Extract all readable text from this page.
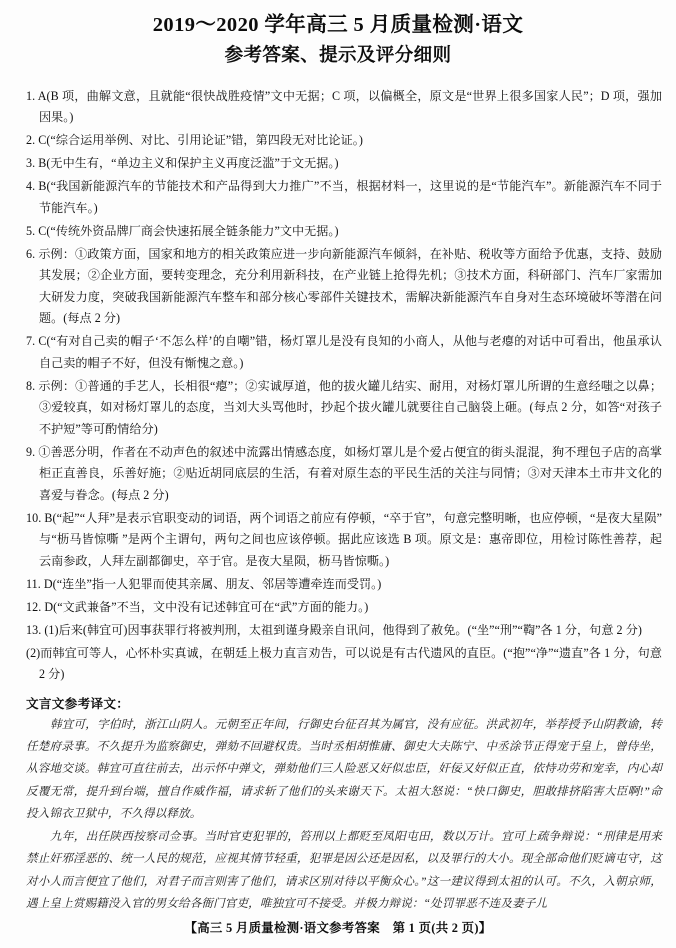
2019～2020 学年高三 5 月质量检测·语文
参考答案、提示及评分细则
1. A(B 项，曲解文意，且就能“很快战胜疫情”文中无据；C 项，以偏概全，原文是“世界上很多国家人民”；D 项，强加因果。)
2. C(“综合运用举例、对比、引用论证”错，第四段无对比论证。)
3. B(无中生有，“单边主义和保护主义再度泛滥”于文无据。)
4. B(“我国新能源汽车的节能技术和产品得到大力推广”不当，根据材料一，这里说的是“节能汽车”。新能源汽车不同于节能汽车。)
5. C(“传统外资品牌厂商会快速拓展全链条能力”文中无据。)
6. 示例：①政策方面，国家和地方的相关政策应进一步向新能源汽车倾斜，在补贴、税收等方面给予优惠，支持、鼓励其发展；②企业方面，要转变理念，充分利用新科技，在产业链上抢得先机；③技术方面，科研部门、汽车厂家需加大研发力度，突破我国新能源汽车整车和部分核心零部件关键技术，需解决新能源汽车自身对生态环境破坏等潜在问题。(每点 2 分)
7. C(“有对自己卖的帽子‘不怎么样’的自嘲”错，杨灯罩儿是没有良知的小商人，从他与老瘪的对话中可看出，他虽承认自己卖的帽子不好，但没有惭愧之意。)
8. 示例：①普通的手艺人，长相很“瘪”；②实诚厚道，他的拔火罐儿结实、耐用，对杨灯罩儿所谓的生意经嗤之以鼻；③爱较真，如对杨灯罩儿的态度，当刘大头骂他时，抄起个拔火罐儿就要往自己脑袋上砸。(每点 2 分，如答“对孩子不护短”等可酌情给分)
9. ①善恶分明，作者在不动声色的叙述中流露出情感态度，如杨灯罩儿是个爱占便宜的街头混混，狗不理包子店的高掌柜正直善良，乐善好施；②贴近胡同底层的生活，有着对原生态的平民生活的关注与同情；③对天津本土市井文化的喜爱与眷念。(每点 2 分)
10. B(“起”“人拜”是表示官职变动的词语，两个词语之前应有停顿，“卒于官”，句意完整明晰，也应停顿，“是夜大星陨”与“枥马皆惊嘶 ”是两个主谓句，两句之间也应该停顿。据此应该选 B 项。原文是：惠帝即位，用检讨陈性善荐，起云南参政，人拜左副都御史，卒于官。是夜大星陨，枥马皆惊嘶。)
11. D(“连坐”指一人犯罪而使其亲属、朋友、邻居等遭牵连而受罚。)
12. D(“文武兼备”不当，文中没有记述韩宜可在“武”方面的能力。)
13. (1)后来(韩宜可)因事获罪行将被判刑，太祖到谨身殿亲自讯问，他得到了赦免。(“坐”“刑”“鞫”各 1 分，句意 2 分)
(2)而韩宜可等人，心怀朴实真诚，在朝廷上极力直言劝告，可以说是有古代遗风的直臣。(“抱”“净”“遗直”各 1 分，句意 2 分)
文言文参考译文：

韩宜可，字伯时，浙江山阴人。元朝至正年间，行御史台征召其为属官，没有应征。洪武初年，举荐授予山阴教谕，转任楚府录事。不久提升为监察御史，弹劾不回避权贵。当时丞相胡惟庸、御史大夫陈宁、中丞涂节正得宠于皇上，曾侍坐，从容地交谈。韩宜可直往前去，出示怀中弹文，弹劾他们三人险恶又好似忠臣，奸佞又好似正直，依恃功劳和宠幸，内心却反覆无常，提升到台端，擅自作威作福，请求斩了他们的头来谢天下。太祖大怒说：“快口御史，胆敢排挤陷害大臣啊!”命投入锦衣卫狱中，不久得以释放。

九年，出任陕西按察司佥事。当时官吏犯罪的，笞刑以上都贬至凤阳屯田，数以万计。宜可上疏争辩说：“刑律是用来禁止奸邪淫恶的、统一人民的规范，应视其情节轻重，犯罪是因公还是因私，以及罪行的大小。现全部命他们贬谪屯守，这对小人而言便宜了他们，对君子而言则害了他们，请求区别对待以平衡众心。”这一建议得到太祖的认可。不久，入朝京师，遇上皇上赏赐籍没入官的男女给各衙门官吏，唯独宜可不接受。并极力辩说：“处罚罪恶不连及妻子儿

【高三 5 月质量检测·语文参考答案　第 1 页(共 2 页)】
